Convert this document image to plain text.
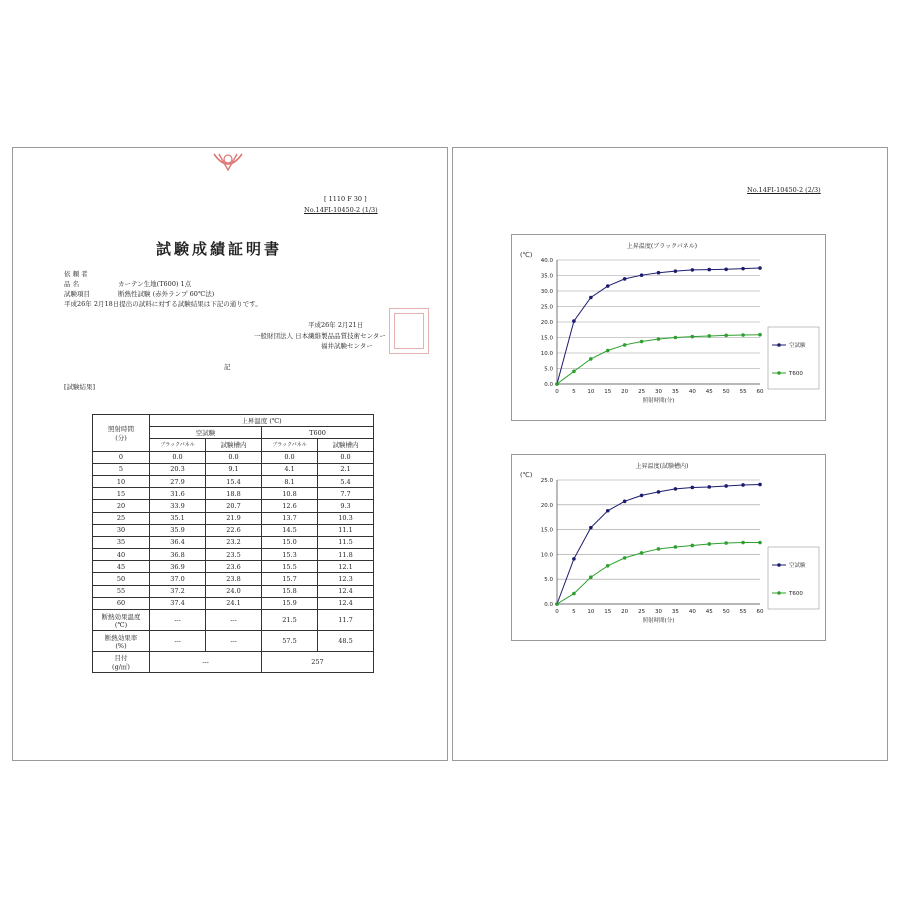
[ 1110 F 30 ]
No.14FI-10450-2 (1/3)
試験成績証明書
依 頼 者
品 名	カーテン生地(T600) 1点
試験項目	断熱性試験 (赤外ランプ 60℃法)
平成26年 2月18日提出の試料に対する試験結果は下記の通りです。
平成26年 2月21日
一般財団法人 日本繊維製品品質技術センター
福井試験センター
記
[試験結果]
照射時間
(分)	上昇温度 (℃)			
	空試験		T600	
	ブラックパネル	試験槽内	ブラックパネル	試験槽内
0	0.0	0.0	0.0	0.0
5	20.3	9.1	4.1	2.1
10	27.9	15.4	8.1	5.4
15	31.6	18.8	10.8	7.7
20	33.9	20.7	12.6	9.3
25	35.1	21.9	13.7	10.3
30	35.9	22.6	14.5	11.1
35	36.4	23.2	15.0	11.5
40	36.8	23.5	15.3	11.8
45	36.9	23.6	15.5	12.1
50	37.0	23.8	15.7	12.3
55	37.2	24.0	15.8	12.4
60	37.4	24.1	15.9	12.4
断熱効果温度
(℃)	---	---	21.5	11.7
断熱効果率
(%)	---	---	57.5	48.5
目付
(g/㎡)	---		257	
No.14FI-10450-2 (2/3)
上昇温度(ブラックパネル)
(℃)
0.0
5.0
10.0
15.0
20.0
25.0
30.0
35.0
40.0
0 5 10 15 20 25 30 35 40 45 50 55 60
照射時間(分)
空試験
T600
上昇温度(試験槽内)
(℃)
0.0
5.0
10.0
15.0
20.0
25.0
0 5 10 15 20 25 30 35 40 45 50 55 60
照射時間(分)
空試験
T600
